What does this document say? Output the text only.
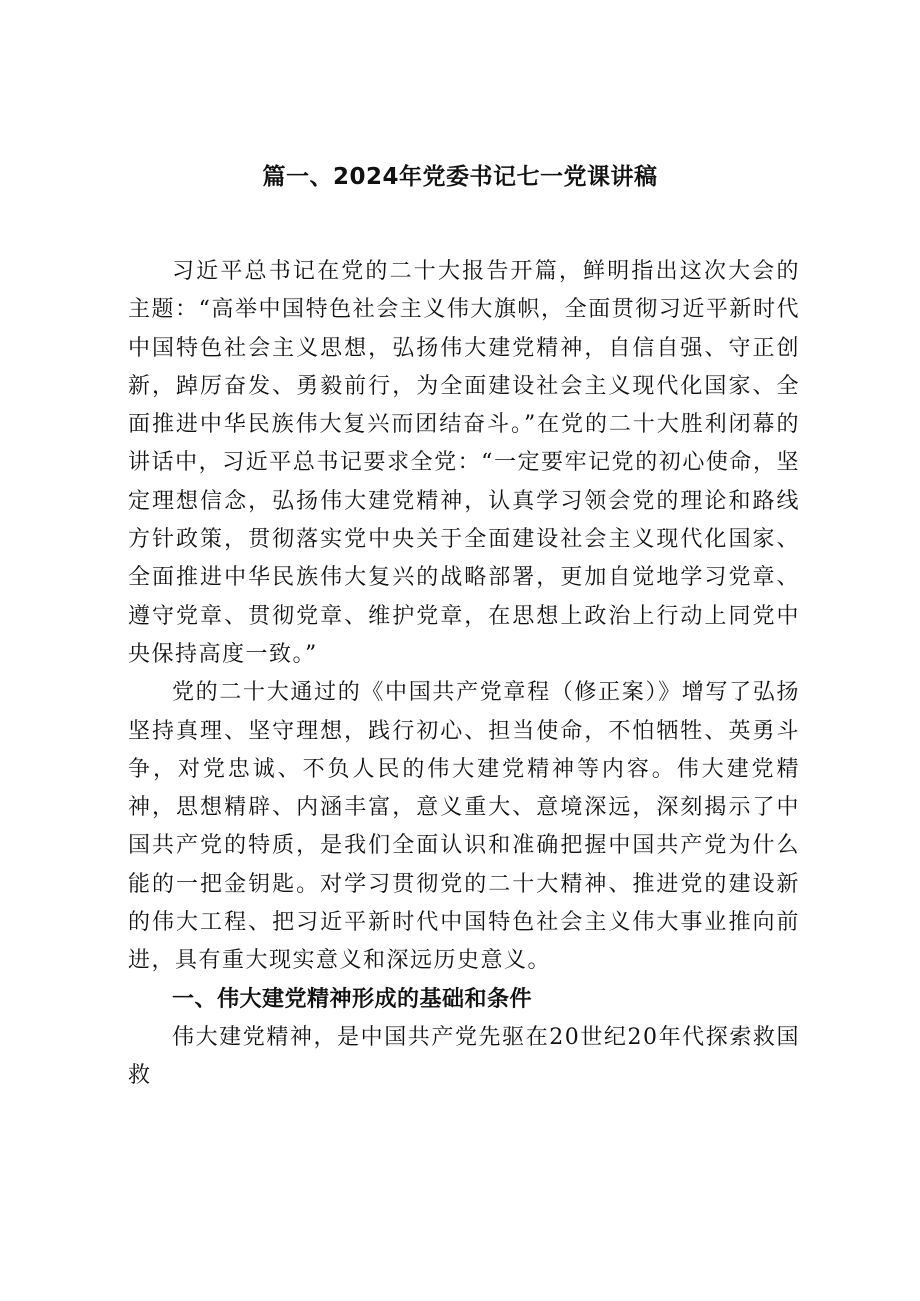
篇一、2024年党委书记七一党课讲稿

习近平总书记在党的二十大报告开篇，鲜明指出这次大会的主题：“高举中国特色社会主义伟大旗帜，全面贯彻习近平新时代中国特色社会主义思想，弘扬伟大建党精神，自信自强、守正创新，踔厉奋发、勇毅前行，为全面建设社会主义现代化国家、全面推进中华民族伟大复兴而团结奋斗。”在党的二十大胜利闭幕的讲话中，习近平总书记要求全党：“一定要牢记党的初心使命，坚定理想信念，弘扬伟大建党精神，认真学习领会党的理论和路线方针政策，贯彻落实党中央关于全面建设社会主义现代化国家、全面推进中华民族伟大复兴的战略部署，更加自觉地学习党章、遵守党章、贯彻党章、维护党章，在思想上政治上行动上同党中央保持高度一致。”

党的二十大通过的《中国共产党章程（修正案）》增写了弘扬坚持真理、坚守理想，践行初心、担当使命，不怕牺牲、英勇斗争，对党忠诚、不负人民的伟大建党精神等内容。伟大建党精神，思想精辟、内涵丰富，意义重大、意境深远，深刻揭示了中国共产党的特质，是我们全面认识和准确把握中国共产党为什么能的一把金钥匙。对学习贯彻党的二十大精神、推进党的建设新的伟大工程、把习近平新时代中国特色社会主义伟大事业推向前进，具有重大现实意义和深远历史意义。

一、伟大建党精神形成的基础和条件

伟大建党精神，是中国共产党先驱在20世纪20年代探索救国救
